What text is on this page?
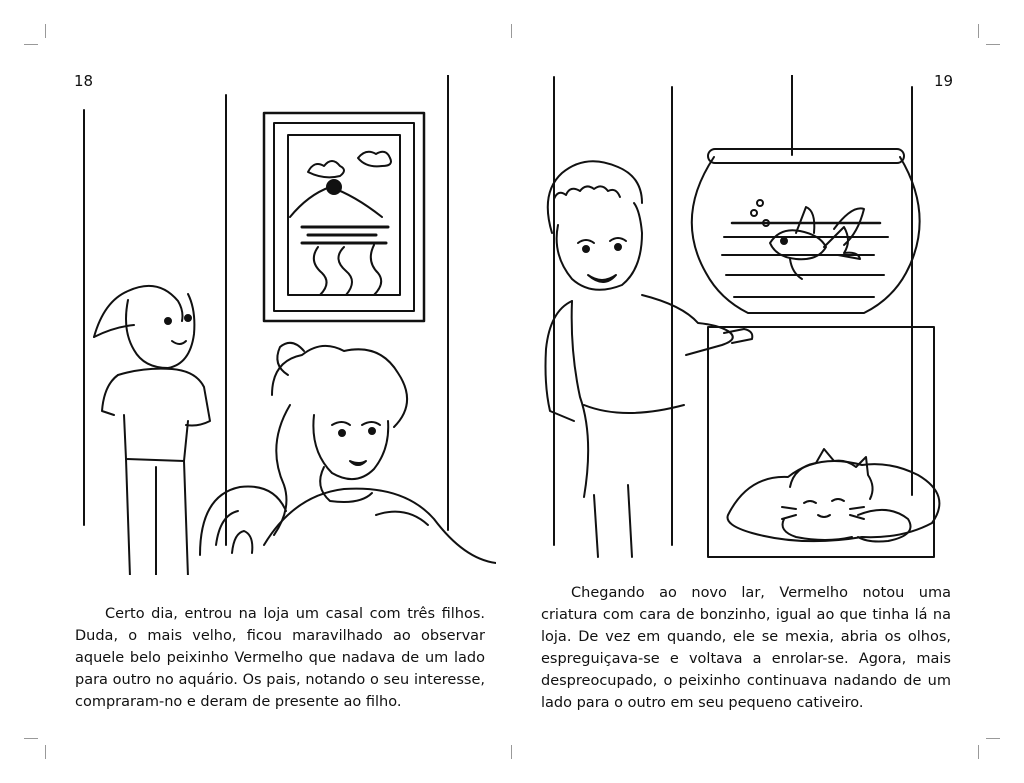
18

Certo dia, entrou na loja um casal com três filhos. Duda, o mais velho, ficou maravilhado ao observar aquele belo peixinho Vermelho que nadava de um lado para outro no aquário. Os pais, notando o seu interesse, compraram-no e deram de presente ao filho.

19

Chegando ao novo lar, Vermelho notou uma criatura com cara de bonzinho, igual ao que tinha lá na loja. De vez em quando, ele se mexia, abria os olhos, espreguiçava-se e voltava a enrolar-se. Agora, mais despreocupado, o peixinho continuava nadando de um lado para o outro em seu pequeno cativeiro.
